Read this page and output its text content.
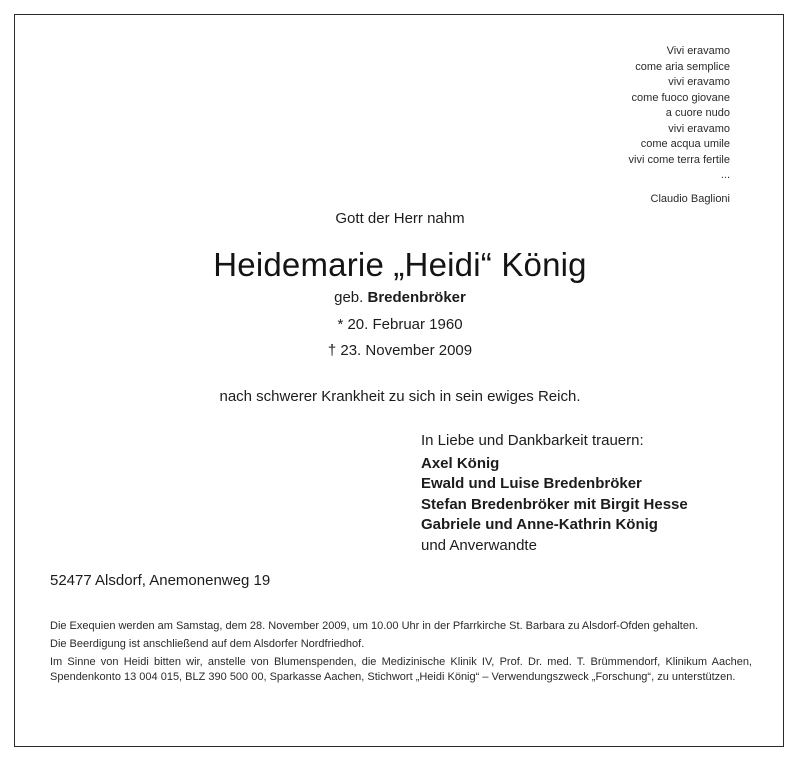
Vivi eravamo
come aria semplice
vivi eravamo
come fuoco giovane
a cuore nudo
vivi eravamo
come acqua umile
vivi come terra fertile
...
Claudio Baglioni
Gott der Herr nahm
Heidemarie „Heidi“ König
geb. Bredenbröker
* 20. Februar 1960
† 23. November 2009
nach schwerer Krankheit zu sich in sein ewiges Reich.
In Liebe und Dankbarkeit trauern:
Axel König
Ewald und Luise Bredenbröker
Stefan Bredenbröker mit Birgit Hesse
Gabriele und Anne-Kathrin König
und Anverwandte
52477 Alsdorf, Anemonenweg 19

Die Exequien werden am Samstag, dem 28. November 2009, um 10.00 Uhr in der Pfarrkirche St. Barbara zu Alsdorf-Ofden gehalten.

Die Beerdigung ist anschließend auf dem Alsdorfer Nordfriedhof.

Im Sinne von Heidi bitten wir, anstelle von Blumenspenden, die Medizinische Klinik IV, Prof. Dr. med. T. Brümmendorf, Klinikum Aachen, Spendenkonto 13 004 015, BLZ 390 500 00, Sparkasse Aachen, Stichwort „Heidi König“ – Verwendungszweck „Forschung“, zu unterstützen.
